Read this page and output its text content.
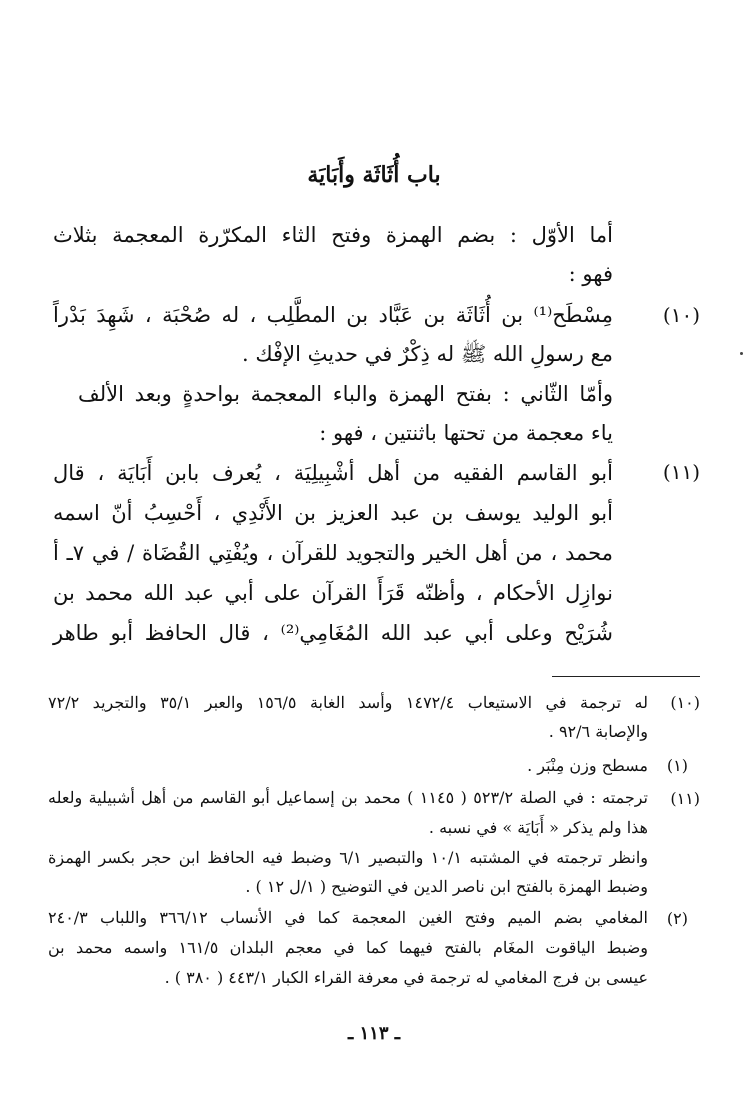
باب أُثَاثَة وأَبَايَة
أما الأوّل : بضم الهمزة وفتح الثاء المكرّرة المعجمة بثلاث
فهو :
(١٠)
مِسْطَح⁽¹⁾ بن أُثَاثَة بن عَبَّاد بن المطَّلِب ، له صُحْبَة ، شَهِدَ بَدْراً
مع رسولِ الله ﷺ له ذِكْرٌ في حديثِ الإفْك .
وأمّا الثّاني : بفتح الهمزة والباء المعجمة بواحدةٍ وبعد الألف
ياء معجمة من تحتها باثنتين ، فهو :
(١١)
أبو القاسم الفقيه من أهل أشْبِيلِيَة ، يُعرف بابن أَبَايَة ، قال
أبو الوليد يوسف بن عبد العزيز بن الأَنْدِي ، أَحْسِبُ أنّ اسمه
محمد ، من أهل الخير والتجويد للقرآن ، ويُفْتِي القُضَاة / في ٧ـ أ
نوازِل الأحكام ، وأظنّه قَرَأَ القرآن على أبي عبد الله محمد بن
شُرَيْح وعلى أبي عبد الله المُغَامِي⁽²⁾ ، قال الحافظ أبو طاهر
(١٠)
له ترجمة في الاستيعاب ١٤٧٢/٤ وأسد الغابة ١٥٦/٥ والعبر ٣٥/١ والتجريد ٧٢/٢
والإصابة ٩٢/٦ .
(١)
مسطح وزن مِنْبَر .
(١١)
ترجمته : في الصلة ٥٢٣/٢ ( ١١٤٥ ) محمد بن إسماعيل أبو القاسم من أهل أشبيلية ولعله
هذا ولم يذكر « أَبَايَة » في نسبه .
وانظر ترجمته في المشتبه ١٠/١ والتبصير ٦/١ وضبط فيه الحافظ ابن حجر بكسر الهمزة
وضبط الهمزة بالفتح ابن ناصر الدين في التوضيح ( ١/ل ١٢ ) .
(٢)
المغامي بضم الميم وفتح الغين المعجمة كما في الأنساب ٣٦٦/١٢ واللباب ٢٤٠/٣
وضبط الياقوت المغَام بالفتح فيهما كما في معجم البلدان ١٦١/٥ واسمه محمد بن
عيسى بن فرج المغامي له ترجمة في معرفة القراء الكبار ٤٤٣/١ ( ٣٨٠ ) .
ـ ١١٣ ـ
